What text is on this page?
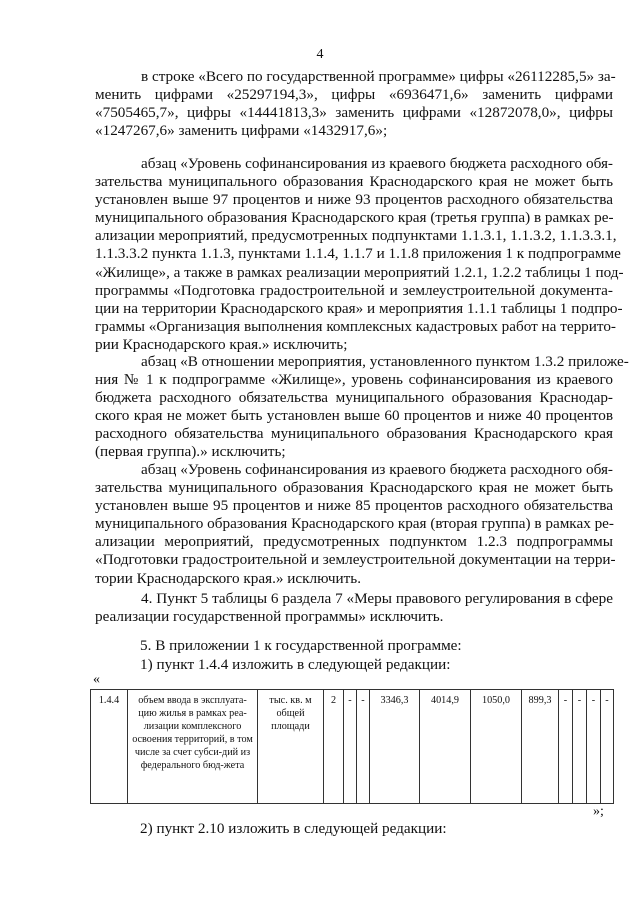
4
в строке «Всего по государственной программе» цифры «26112285,5» за-
менить цифрами «25297194,3», цифры «6936471,6» заменить цифрами
«7505465,7», цифры «14441813,3» заменить цифрами «12872078,0», цифры
«1247267,6» заменить цифрами «1432917,6»;
абзац «Уровень софинансирования из краевого бюджета расходного обя-
зательства муниципального образования Краснодарского края не может быть
установлен выше 97 процентов и ниже 93 процентов расходного обязательства
муниципального образования Краснодарского края (третья группа) в рамках ре-
ализации мероприятий, предусмотренных подпунктами 1.1.3.1, 1.1.3.2, 1.1.3.3.1,
1.1.3.3.2 пункта 1.1.3, пунктами 1.1.4, 1.1.7 и 1.1.8 приложения 1 к подпрограмме
«Жилище», а также в рамках реализации мероприятий 1.2.1, 1.2.2 таблицы 1 под-
программы «Подготовка градостроительной и землеустроительной документа-
ции на территории Краснодарского края» и мероприятия 1.1.1 таблицы 1 подпро-
граммы «Организация выполнения комплексных кадастровых работ на террито-
рии Краснодарского края.» исключить;
абзац «В отношении мероприятия, установленного пунктом 1.3.2 приложе-
ния № 1 к подпрограмме «Жилище», уровень софинансирования из краевого
бюджета расходного обязательства муниципального образования Краснодар-
ского края не может быть установлен выше 60 процентов и ниже 40 процентов
расходного обязательства муниципального образования Краснодарского края
(первая группа).» исключить;
абзац «Уровень софинансирования из краевого бюджета расходного обя-
зательства муниципального образования Краснодарского края не может быть
установлен выше 95 процентов и ниже 85 процентов расходного обязательства
муниципального образования Краснодарского края (вторая группа) в рамках ре-
ализации мероприятий, предусмотренных подпунктом 1.2.3 подпрограммы
«Подготовки градостроительной и землеустроительной документации на терри-
тории Краснодарского края.» исключить.
4. Пункт 5 таблицы 6 раздела 7 «Меры правового регулирования в сфере
реализации государственной программы» исключить.
5. В приложении 1 к государственной программе:
1) пункт 1.4.4 изложить в следующей редакции:
«
1.4.4	объем ввода в эксплуата-цию жилья в рамках реа-лизации комплексного освоения территорий, в том числе за счет субси-дий из федерального бюд-жета	тыс. кв. м общей площади	2	-	-	3346,3	4014,9	1050,0	899,3	-	-	-	-
»;
2) пункт 2.10 изложить в следующей редакции:
